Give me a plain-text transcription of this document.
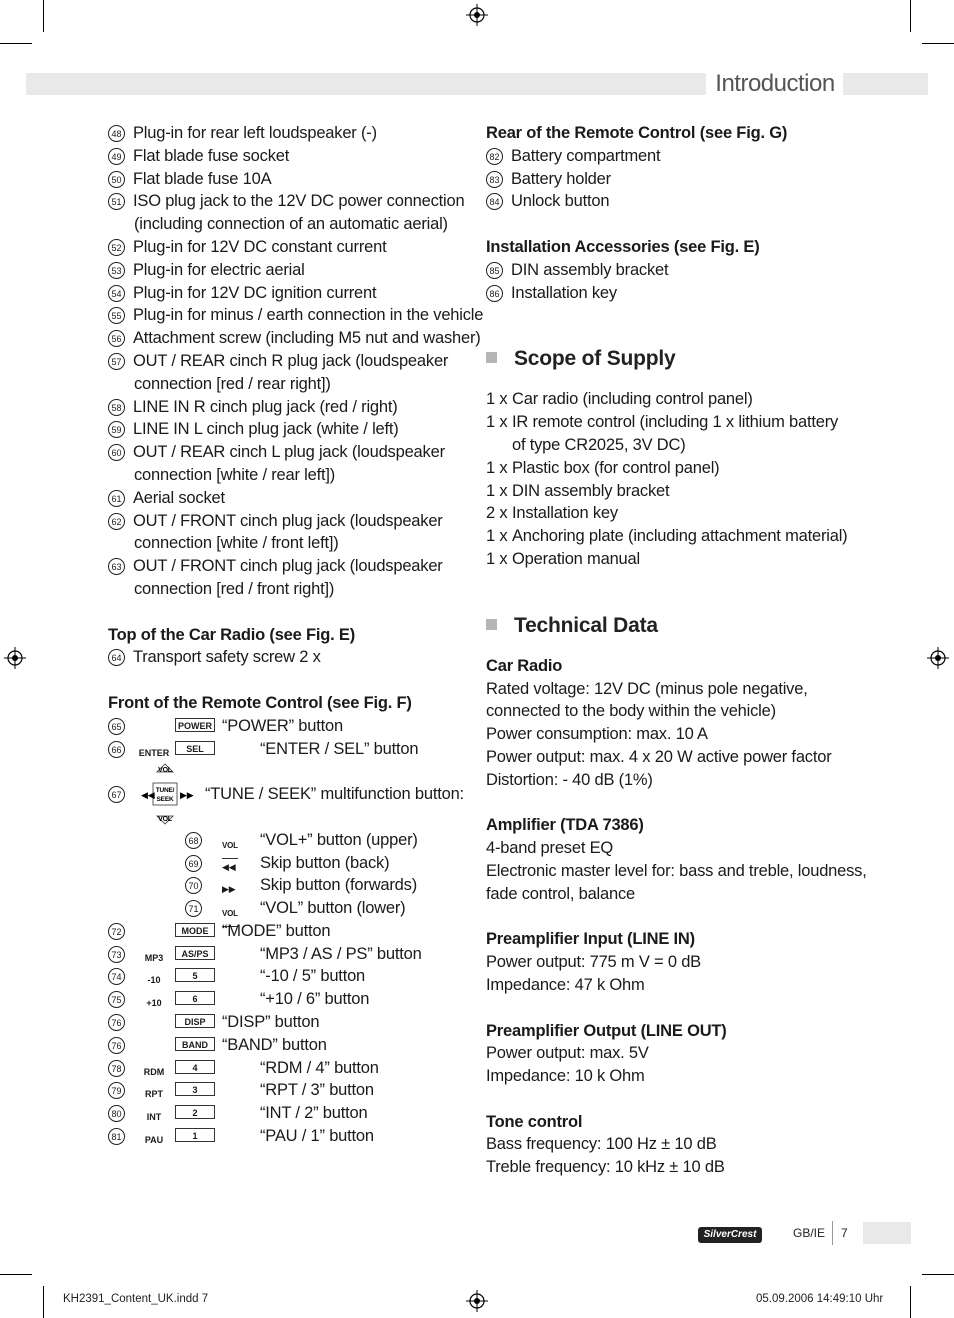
Introduction
48 Plug-in for rear left loudspeaker (-)
49 Flat blade fuse socket
50 Flat blade fuse 10A
51 ISO plug jack to the 12V DC power connection
(including connection of an automatic aerial)
52 Plug-in for 12V DC constant current
53 Plug-in for electric aerial
54 Plug-in for 12V DC ignition current
55 Plug-in for minus / earth connection in the vehicle
56 Attachment screw (including M5 nut and washer)
57 OUT / REAR cinch R plug jack (loudspeaker
connection [red / rear right])
58 LINE IN R cinch plug jack (red / right)
59 LINE IN L cinch plug jack (white / left)
60 OUT / REAR cinch L plug jack (loudspeaker
connection [white / rear left])
61 Aerial socket
62 OUT / FRONT cinch plug jack (loudspeaker
connection [white / front left])
63 OUT / FRONT cinch plug jack (loudspeaker
connection [red / front right])
Top of the Car Radio (see Fig. E)
64 Transport safety screw 2 x
Front of the Remote Control (see Fig. F)
65	POWER “POWER” button
66	ENTER	SEL	“ENTER / SEL” button
VOL
TUNE/
SEEK
◀◀	▶▶
VOL
67	“TUNE / SEEK” multifunction button:
68	VOL “VOL+” button (upper)
69	◀◀ Skip button (back)
70	▶▶ Skip button (forwards)
71	VOL “VOL” button (lower)
72	MODE “MODE” button
73	MP3	AS/PS	“MP3 / AS / PS” button
74	-10	5	“-10 / 5” button
75	+10	6	“+10 / 6” button
76	DISP	“DISP” button
76	BAND “BAND” button
78	RDM	4	“RDM / 4” button
79	RPT	3	“RPT / 3” button
80	INT	2	“INT / 2” button
81	PAU	1	“PAU / 1” button
Rear of the Remote Control (see Fig. G)
82 Battery compartment
83 Battery holder
84 Unlock button
Installation Accessories (see Fig. E)
85 DIN assembly bracket
86 Installation key
Scope of Supply
1 x Car radio (including control panel)
1 x IR remote control (including 1 x lithium battery
of type CR2025, 3V DC)
1 x Plastic box (for control panel)
1 x DIN assembly bracket
2 x Installation key
1 x Anchoring plate (including attachment material)
1 x Operation manual
Technical Data
Car Radio
Rated voltage: 12V DC (minus pole negative,
connected to the body within the vehicle)
Power consumption: max. 10 A
Power output: max. 4 x 20 W active power factor
Distortion: - 40 dB (1%)
Amplifier (TDA 7386)
4-band preset EQ
Electronic master level for: bass and treble, loudness,
fade control, balance
Preamplifier Input (LINE IN)
Power output: 775 m V = 0 dB
Impedance: 47 k Ohm
Preamplifier Output (LINE OUT)
Power output: max. 5V
Impedance: 10 k Ohm
Tone control
Bass frequency: 100 Hz ± 10 dB
Treble frequency: 10 kHz ± 10 dB
SilverCrest	GB/IE 7
KH2391_Content_UK.indd 7	05.09.2006 14:49:10 Uhr
